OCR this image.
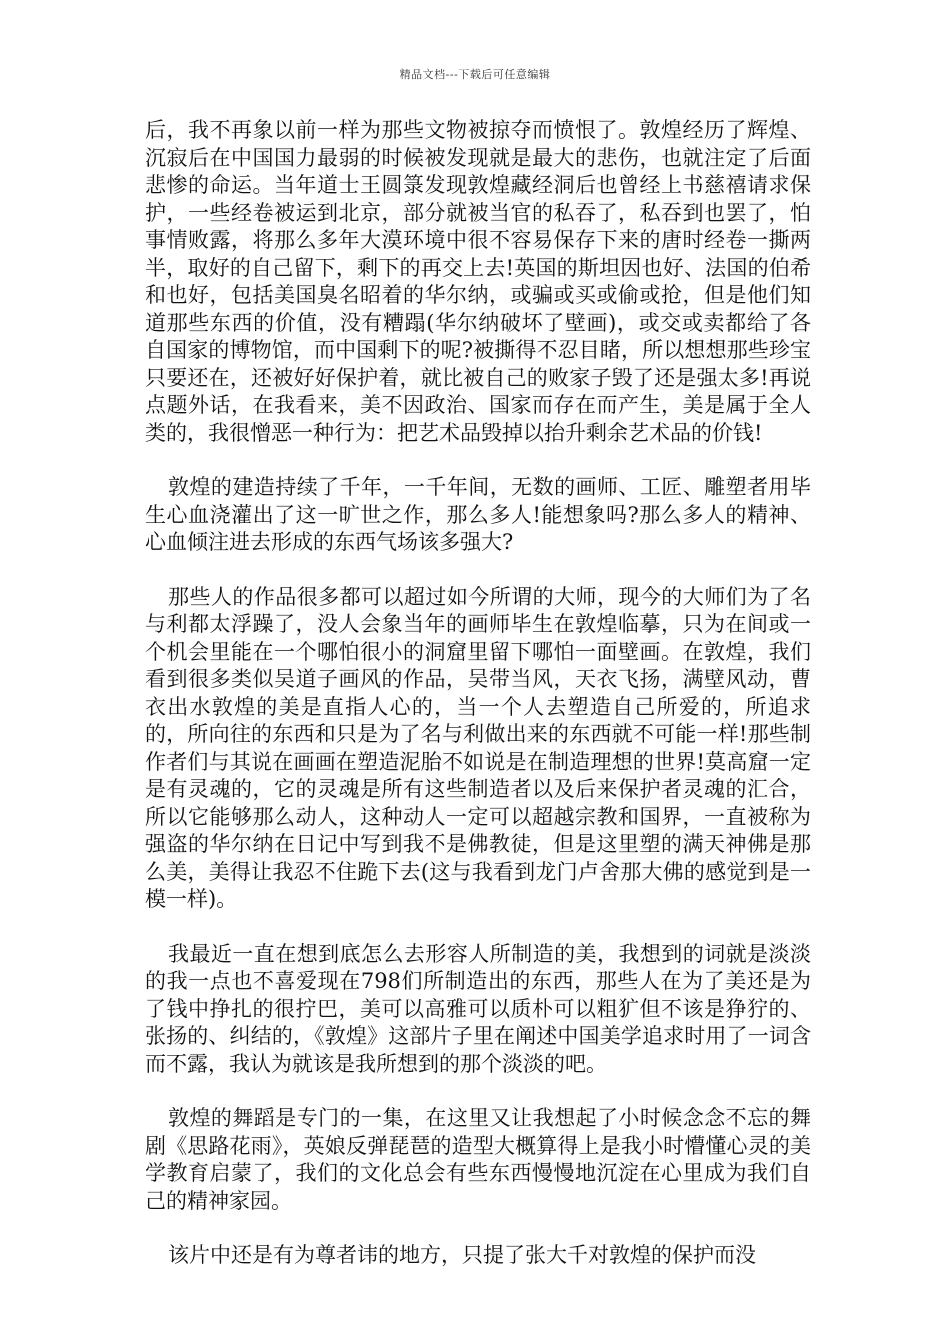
精品文档---下载后可任意编辑

后，我不再象以前一样为那些文物被掠夺而愤恨了。敦煌经历了辉煌、沉寂后在中国国力最弱的时候被发现就是最大的悲伤，也就注定了后面悲惨的命运。当年道士王圆箓发现敦煌藏经洞后也曾经上书慈禧请求保护，一些经卷被运到北京，部分就被当官的私吞了，私吞到也罢了，怕事情败露，将那么多年大漠环境中很不容易保存下来的唐时经卷一撕两半，取好的自己留下，剩下的再交上去!英国的斯坦因也好、法国的伯希和也好，包括美国臭名昭着的华尔纳，或骗或买或偷或抢，但是他们知道那些东西的价值，没有糟蹋(华尔纳破坏了壁画)，或交或卖都给了各自国家的博物馆，而中国剩下的呢?被撕得不忍目睹，所以想想那些珍宝只要还在，还被好好保护着，就比被自己的败家子毁了还是强太多!再说点题外话，在我看来，美不因政治、国家而存在而产生，美是属于全人类的，我很憎恶一种行为：把艺术品毁掉以抬升剩余艺术品的价钱!

敦煌的建造持续了千年，一千年间，无数的画师、工匠、雕塑者用毕生心血浇灌出了这一旷世之作，那么多人!能想象吗?那么多人的精神、心血倾注进去形成的东西气场该多强大?

那些人的作品很多都可以超过如今所谓的大师，现今的大师们为了名与利都太浮躁了，没人会象当年的画师毕生在敦煌临摹，只为在间或一个机会里能在一个哪怕很小的洞窟里留下哪怕一面壁画。在敦煌，我们看到很多类似吴道子画风的作品，吴带当风，天衣飞扬，满壁风动，曹衣出水敦煌的美是直指人心的，当一个人去塑造自己所爱的，所追求的，所向往的东西和只是为了名与利做出来的东西就不可能一样!那些制作者们与其说在画画在塑造泥胎不如说是在制造理想的世界!莫高窟一定是有灵魂的，它的灵魂是所有这些制造者以及后来保护者灵魂的汇合，所以它能够那么动人，这种动人一定可以超越宗教和国界，一直被称为强盗的华尔纳在日记中写到我不是佛教徒，但是这里塑的满天神佛是那么美，美得让我忍不住跪下去(这与我看到龙门卢舍那大佛的感觉到是一模一样)。

我最近一直在想到底怎么去形容人所制造的美，我想到的词就是淡淡的我一点也不喜爱现在798们所制造出的东西，那些人在为了美还是为了钱中挣扎的很拧巴，美可以高雅可以质朴可以粗犷但不该是狰狞的、张扬的、纠结的，《敦煌》这部片子里在阐述中国美学追求时用了一词含而不露，我认为就该是我所想到的那个淡淡的吧。

敦煌的舞蹈是专门的一集，在这里又让我想起了小时候念念不忘的舞剧《思路花雨》，英娘反弹琵琶的造型大概算得上是我小时懵懂心灵的美学教育启蒙了，我们的文化总会有些东西慢慢地沉淀在心里成为我们自己的精神家园。

该片中还是有为尊者讳的地方，只提了张大千对敦煌的保护而没
